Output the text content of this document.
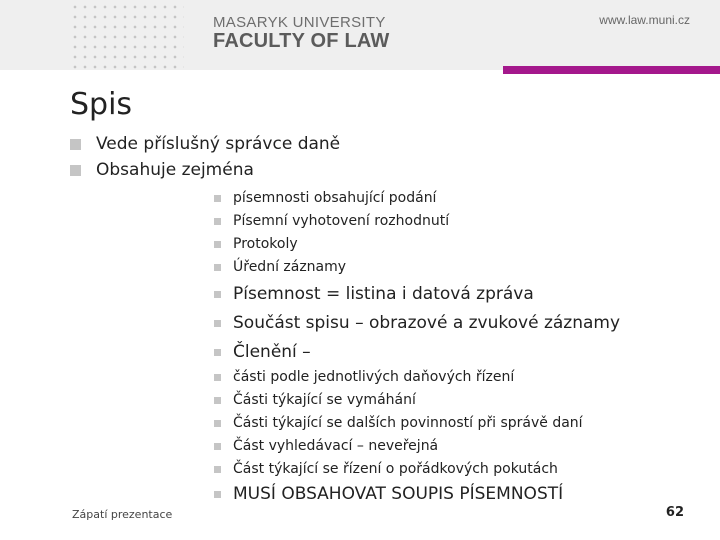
MASARYK UNIVERSITY
FACULTY OF LAW
www.law.muni.cz
Spis
Vede příslušný správce daně
Obsahuje zejména
písemnosti obsahující podání
Písemní vyhotovení rozhodnutí
Protokoly
Úřední záznamy
Písemnost = listina i datová zpráva
Součást spisu – obrazové a zvukové záznamy
Členění –
části podle jednotlivých daňových řízení
Části týkající se vymáhání
Části týkající se dalších povinností při správě daní
Část vyhledávací – neveřejná
Část týkající se řízení o pořádkových pokutách
MUSÍ OBSAHOVAT SOUPIS PÍSEMNOSTÍ
Zápatí prezentace	62
